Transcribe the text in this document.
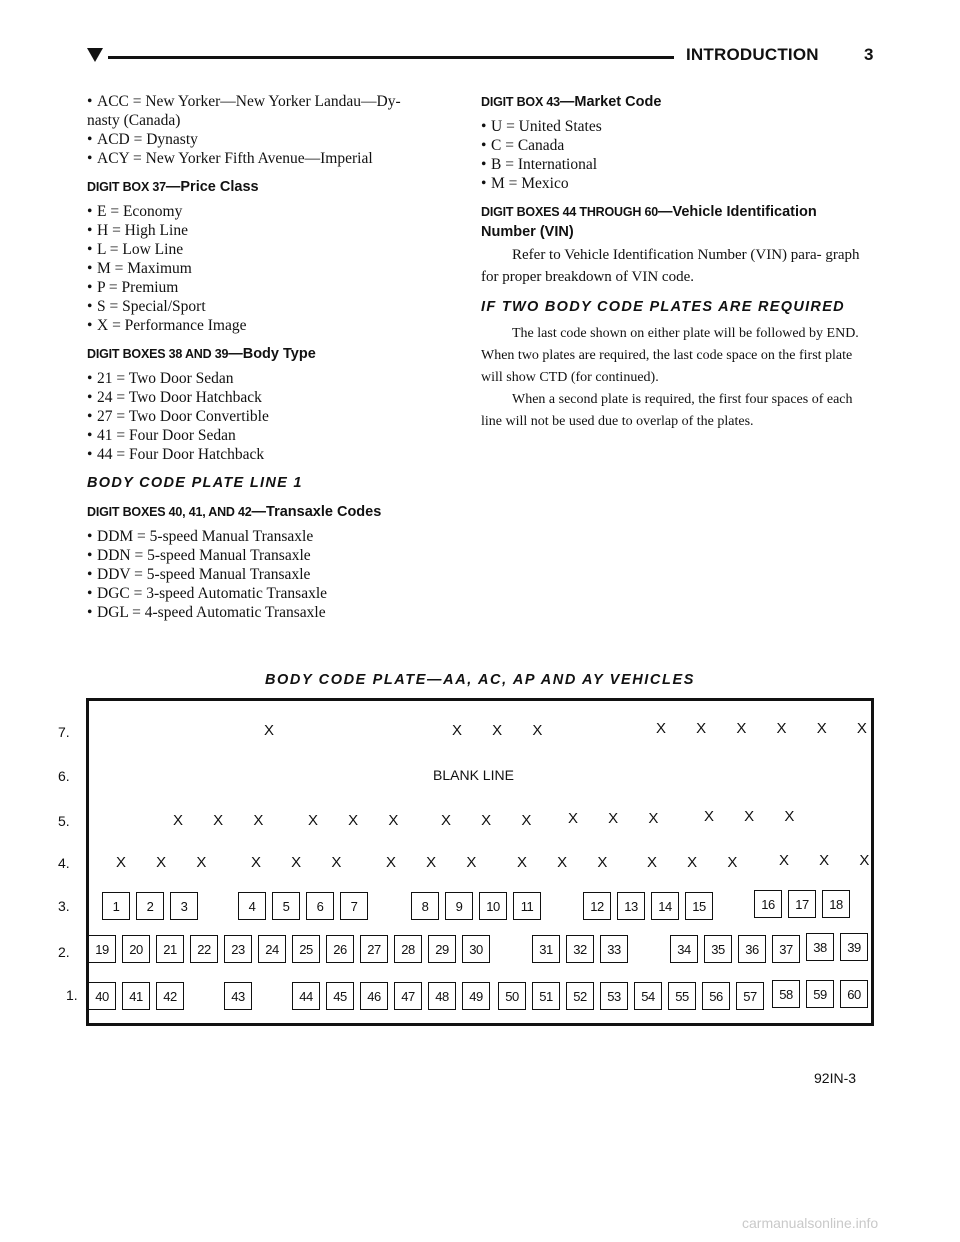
INTRODUCTION	3
• ACC = New Yorker—New Yorker Landau—Dy-
nasty (Canada)
• ACD = Dynasty
• ACY = New Yorker Fifth Avenue—Imperial
DIGIT BOX 37—Price Class
• E = Economy
• H = High Line
• L = Low Line
• M = Maximum
• P = Premium
• S = Special/Sport
• X = Performance Image
DIGIT BOXES 38 AND 39—Body Type
• 21 = Two Door Sedan
• 24 = Two Door Hatchback
• 27 = Two Door Convertible
• 41 = Four Door Sedan
• 44 = Four Door Hatchback
BODY CODE PLATE LINE 1
DIGIT BOXES 40, 41, AND 42—Transaxle Codes
• DDM = 5-speed Manual Transaxle
• DDN = 5-speed Manual Transaxle
• DDV = 5-speed Manual Transaxle
• DGC = 3-speed Automatic Transaxle
• DGL = 4-speed Automatic Transaxle
DIGIT BOX 43—Market Code
• U = United States
• C = Canada
• B = International
• M = Mexico
DIGIT BOXES 44 THROUGH 60—Vehicle Identification
Number (VIN)
Refer to Vehicle Identification Number (VIN) para- graph for proper breakdown of VIN code.
IF TWO BODY CODE PLATES ARE REQUIRED
The last code shown on either plate will be followed by END. When two plates are required, the last code space on the first plate will show CTD (for continued).
When a second plate is required, the first four spaces of each line will not be used due to overlap of the plates.
BODY CODE PLATE—AA, AC, AP AND AY VEHICLES
7.
6.
5.
4.
3.
2.
1.
X	X X X	X X X X X X
BLANK LINE
X X X X X X X X X X X X X X X
X X X X X X X X X X X X X X X X X X
1	2	3	4	5	6	7	8	9	10	11	12	13	14	15	16	17	18
19	20	21	22	23	24	25	26	27	28	29	30	31	32	33	34	35	36	37	38	39
40	41	42	43	44	45	46	47	48	49	50	51	52	53	54	55	56	57	58	59	60
92IN-3
carmanualsonline.info
